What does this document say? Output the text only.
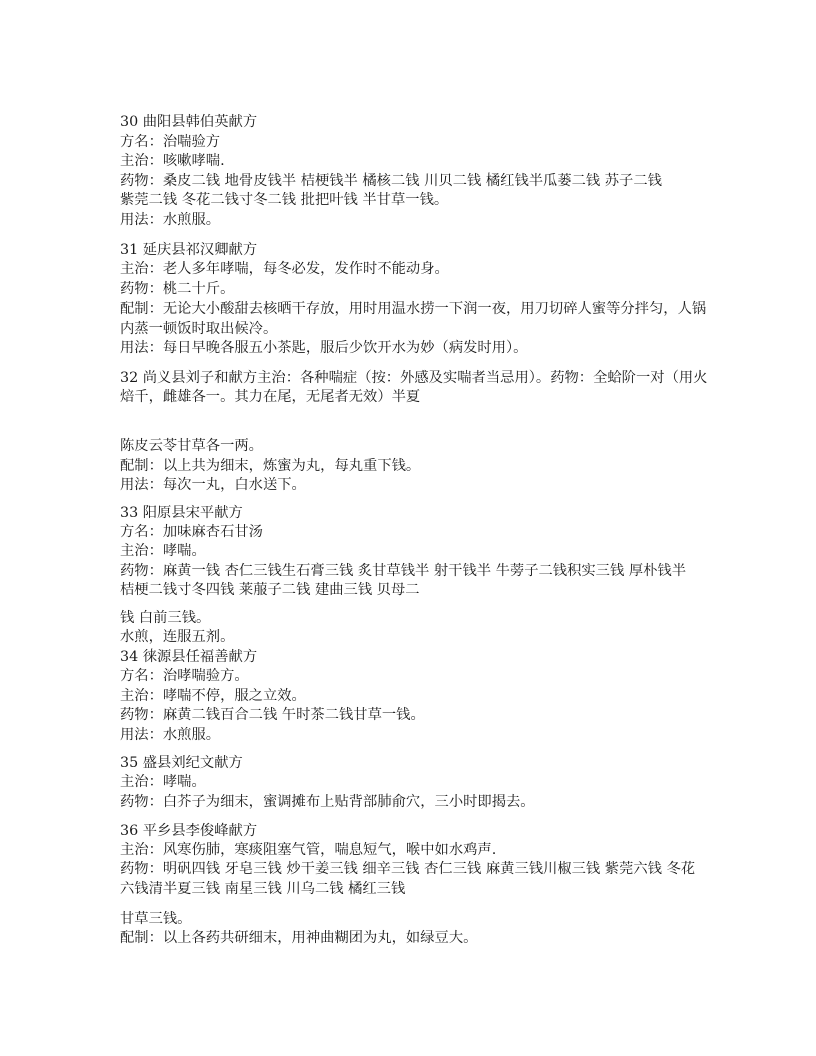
30 曲阳县韩伯英献方
方名：治喘验方
主治：咳嗽哮喘.
药物：桑皮二钱 地骨皮钱半 桔梗钱半 橘核二钱 川贝二钱 橘红钱半瓜蒌二钱 苏子二钱
紫莞二钱 冬花二钱寸冬二钱 批把叶钱 半甘草一钱。
用法：水煎服。
31 延庆县祁汉卿献方
主治：老人多年哮喘，每冬必发，发作时不能动身。
药物：桃二十斤。
配制：无论大小酸甜去核晒干存放，用时用温水捞一下润一夜，用刀切碎人蜜等分拌匀，人锅
内蒸一顿饭时取出候冷。
用法：每日早晚各服五小茶匙，服后少饮开水为妙（病发时用）。
32 尚义县刘子和献方主治：各种喘症（按：外感及实喘者当忌用）。药物：全蛤阶一对（用火
焙千，雌雄各一。其力在尾，无尾者无效）半夏
陈皮云苓甘草各一两。
配制：以上共为细末，炼蜜为丸，每丸重下钱。
用法：每次一丸，白水送下。
33 阳原县宋平献方
方名：加味麻杏石甘汤
主治：哮喘。
药物：麻黄一钱 杏仁三钱生石膏三钱 炙甘草钱半 射干钱半 牛蒡子二钱积实三钱 厚朴钱半
桔梗二钱寸冬四钱 莱菔子二钱 建曲三钱 贝母二
钱 白前三钱。
水煎，连服五剂。
34 徕源县任福善献方
方名：治哮喘验方。
主治：哮喘不停，服之立效。
药物：麻黄二钱百合二钱 午时茶二钱甘草一钱。
用法：水煎服。
35 盛县刘纪文献方
主治：哮喘。
药物：白芥子为细末，蜜调摊布上贴背部肺俞穴，三小时即揭去。
36 平乡县李俊峰献方
主治：风寒伤肺，寒痰阻塞气管，喘息短气，喉中如水鸡声.
药物：明矾四钱 牙皂三钱 炒干姜三钱 细辛三钱 杏仁三钱 麻黄三钱川椒三钱 紫莞六钱 冬花
六钱清半夏三钱 南星三钱 川乌二钱 橘红三钱
甘草三钱。
配制：以上各药共研细末，用神曲糊团为丸，如绿豆大。
